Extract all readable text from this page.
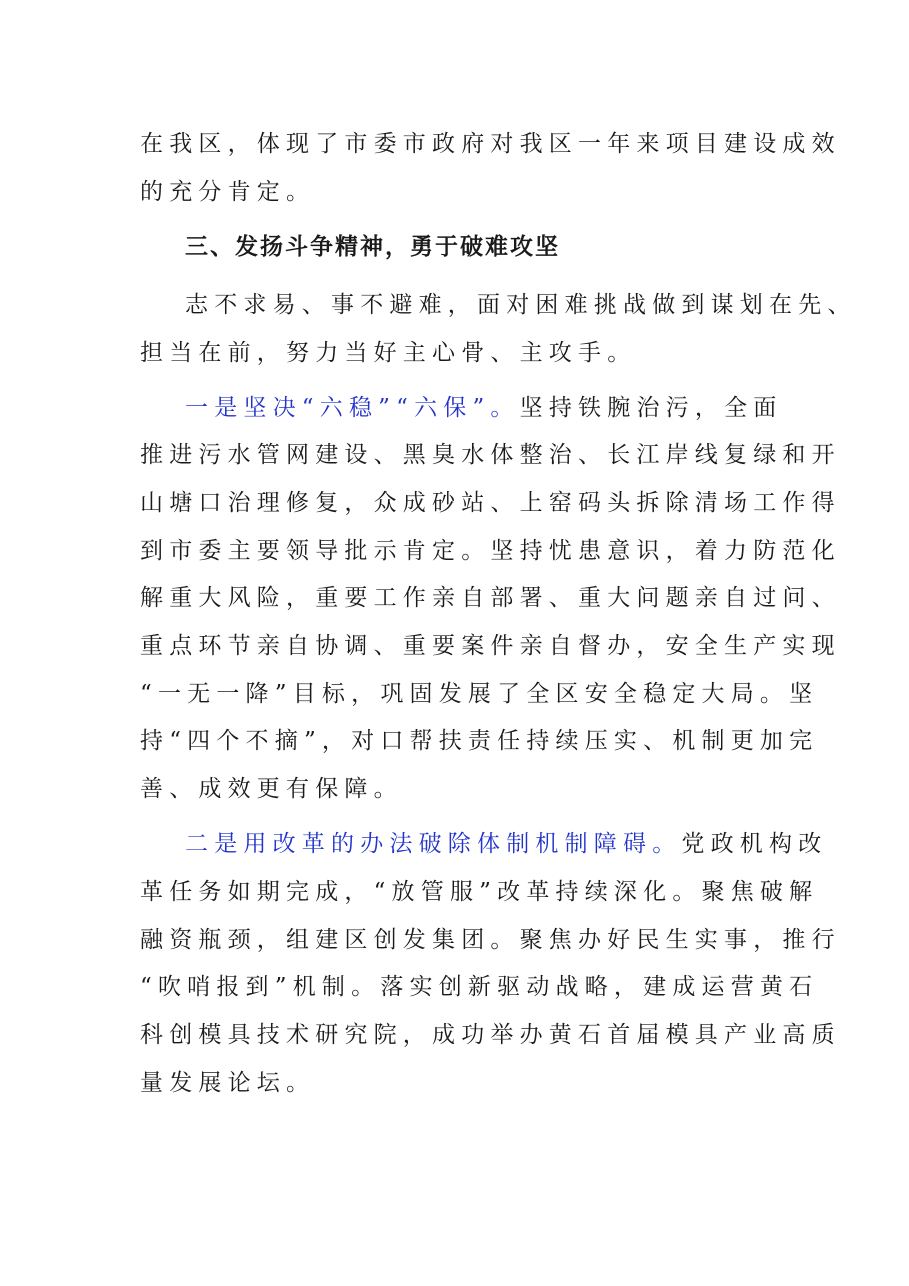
在我区，体现了市委市政府对我区一年来项目建设成效
的充分肯定。
三、发扬斗争精神，勇于破难攻坚
志不求易、事不避难，面对困难挑战做到谋划在先、
担当在前，努力当好主心骨、主攻手。
一是坚决“六稳”“六保”。坚持铁腕治污，全面
推进污水管网建设、黑臭水体整治、长江岸线复绿和开
山塘口治理修复，众成砂站、上窑码头拆除清场工作得
到市委主要领导批示肯定。坚持忧患意识，着力防范化
解重大风险，重要工作亲自部署、重大问题亲自过问、
重点环节亲自协调、重要案件亲自督办，安全生产实现
“一无一降”目标，巩固发展了全区安全稳定大局。坚
持“四个不摘”，对口帮扶责任持续压实、机制更加完
善、成效更有保障。
二是用改革的办法破除体制机制障碍。党政机构改
革任务如期完成，“放管服”改革持续深化。聚焦破解
融资瓶颈，组建区创发集团。聚焦办好民生实事，推行
“吹哨报到”机制。落实创新驱动战略，建成运营黄石
科创模具技术研究院，成功举办黄石首届模具产业高质
量发展论坛。
